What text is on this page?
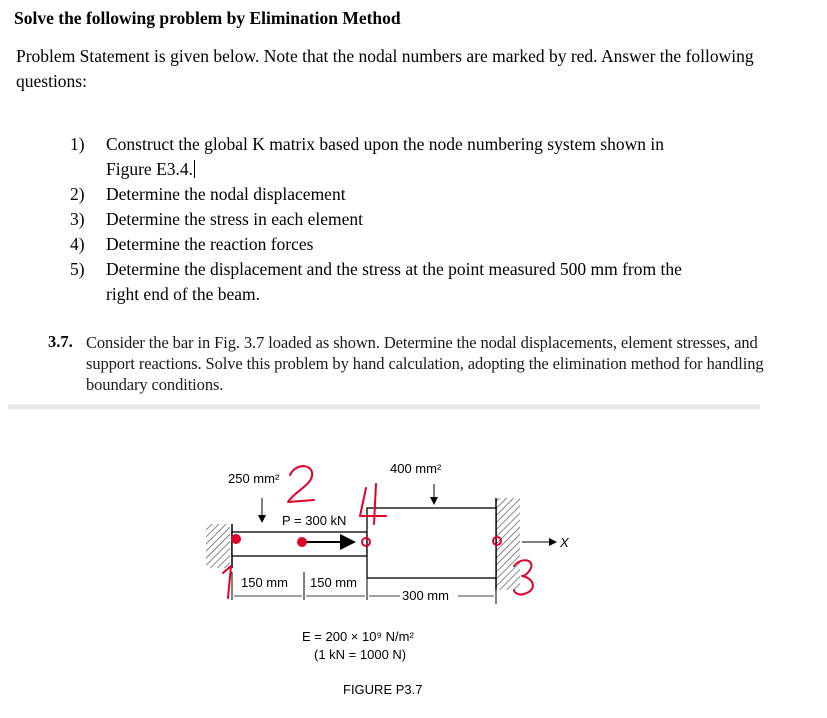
Solve the following problem by Elimination Method
Problem Statement is given below. Note that the nodal numbers are marked by red. Answer the following questions:
1) Construct the global K matrix based upon the node numbering system shown in
Figure E3.4.
2) Determine the nodal displacement
3) Determine the stress in each element
4) Determine the reaction forces
5) Determine the displacement and the stress at the point measured 500 mm from the
right end of the beam.
3.7. Consider the bar in Fig. 3.7 loaded as shown. Determine the nodal displacements, element stresses, and support reactions. Solve this problem by hand calculation, adopting the elimination method for handling boundary conditions.
X
250 mm²
400 mm²
P = 300 kN
150 mm 150 mm
300 mm
E = 200 × 10⁹ N/m²
(1 kN = 1000 N)
FIGURE P3.7
